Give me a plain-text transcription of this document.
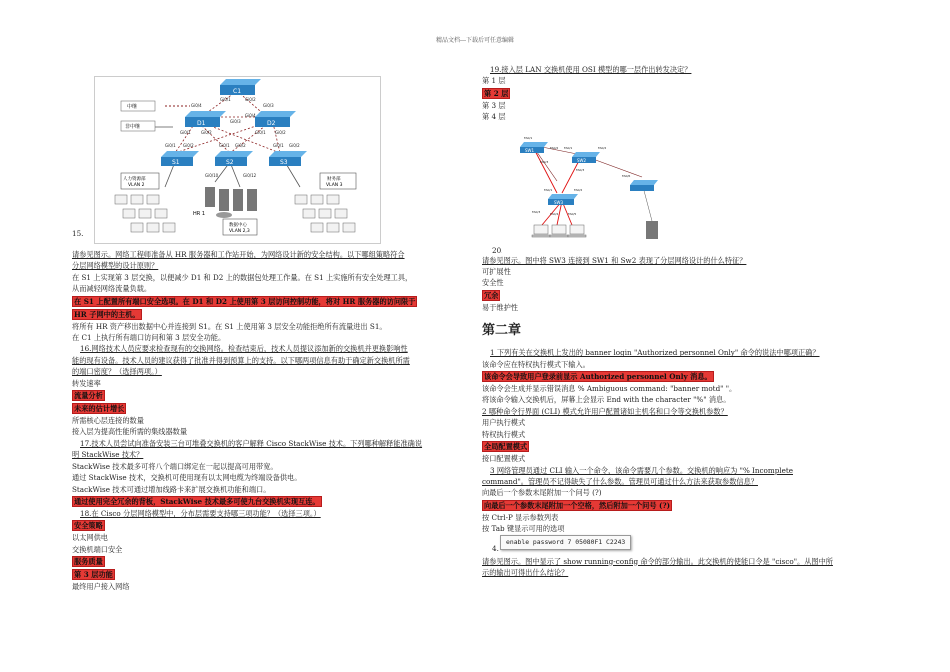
精品文档---下载后可任意编辑
15.
C1
D1	D2
S1	S2	S3
Gi0/1	Gi0/2
Gi0/4	Gi0/3
Gi0/1	Gi0/2	Gi0/1 Gi0/2
Gi0/3
Gi0/4
Gi0/1 Gi0/2	Gi0/1 Gi0/2	Gi0/1 Gi0/2
Gi0/10	Gi0/12
中继
非中继
人力资源部
VLAN 2
财务部
VLAN 3
数据中心
VLAN 2,3
HR 1

请参见图示。网络工程师准备从 HR 服务器和工作站开始，为网络设计新的安全结构。以下哪组策略符合

分层网络模型的设计原则？

在 S1 上实现第 3 层交换，以便减少 D1 和 D2 上的数据包处理工作量。在 S1 上实施所有安全处理工具，

从而减轻网络流量负载。

在 S1 上配置所有端口安全选项。在 D1 和 D2 上使用第 3 层访问控制功能，将对 HR 服务器的访问限于

HR 子网中的主机。

将所有 HR 资产移出数据中心并连接到 S1。在 S1 上使用第 3 层安全功能拒绝所有流量进出 S1。

在 C1 上执行所有端口访问和第 3 层安全功能。

16.网络技术人员应要求检查现有的交换网络。检查结束后，技术人员提议添加新的交换机并更换影响性

能的现有设备。技术人员的建议获得了批准并得到预算上的支持。以下哪两项信息有助于确定新交换机所需

的端口密度？（选择两项。）

转发速率

流量分析

未来的估计增长

所需核心层连接的数量

接入层为提高性能所需的集线器数量

17.技术人员尝试向准备安装三台可堆叠交换机的客户解释 Cisco StackWise 技术。下列哪种解释能准确说

明 StackWise 技术？

StackWise 技术最多可将八个端口绑定在一起以提高可用带宽。

通过 StackWise 技术，交换机可使用现有以太网电缆为终端设备供电。

StackWise 技术可通过增加线路卡来扩展交换机功能和端口。

通过使用完全冗余的背板，StackWise 技术最多可使九台交换机实现互连。

18.在 Cisco 分层网络模型中，分布层需要支持哪三项功能？（选择三项。）

安全策略

以太网供电

交换机端口安全

服务质量

第 3 层功能

最终用户接入网络

19.接入层 LAN 交换机使用 OSI 模型的哪一层作出转发决定？

第 1 层

第 2 层

第 3 层

第 4 层

20.
SW1
SW2
SW3
FA0/1
FA0/2
FA0/3
FA0/1	FA0/2
FA0/3
FA0/1	FA0/2
FA0/3	FA0/4	FA0/5
FA0/6

请参见图示。图中将 SW3 连接到 SW1 和 Sw2 表现了分层网络设计的什么特征？

可扩展性

安全性

冗余

易于维护性

第二章

1 下列有关在交换机上发出的 banner login "Authorized personnel Only" 命令的说法中哪项正确？

该命令应在特权执行模式下输入。

该命令会导致用户登录前显示 Authorized personnel Only 消息。

该命令会生成并显示错误消息 % Ambiguous command: "banner motd" "。

将该命令输入交换机后，屏幕上会显示 End with the character "%" 消息。

2 哪种命令行界面 (CLI) 模式允许用户配置诸如主机名和口令等交换机参数？

用户执行模式

特权执行模式

全局配置模式

接口配置模式

3 网络管理员通过 CLI 输入一个命令，该命令需要几个参数。交换机的响应为 "% Incomplete

command"。管理员不记得缺失了什么参数。管理员可通过什么方法来获取参数信息？

向最后一个参数末尾附加一个问号 (?)

向最后一个参数末尾附加一个空格，然后附加一个问号 (?)

按 Ctrl-P 显示参数列表

按 Tab 键显示可用的选项

4.
enable password 7 05080F1 C2243

请参见图示。图中显示了 show running-config 命令的部分输出。此交换机的使能口令是 "cisco"。从图中所

示的输出可得出什么结论？
